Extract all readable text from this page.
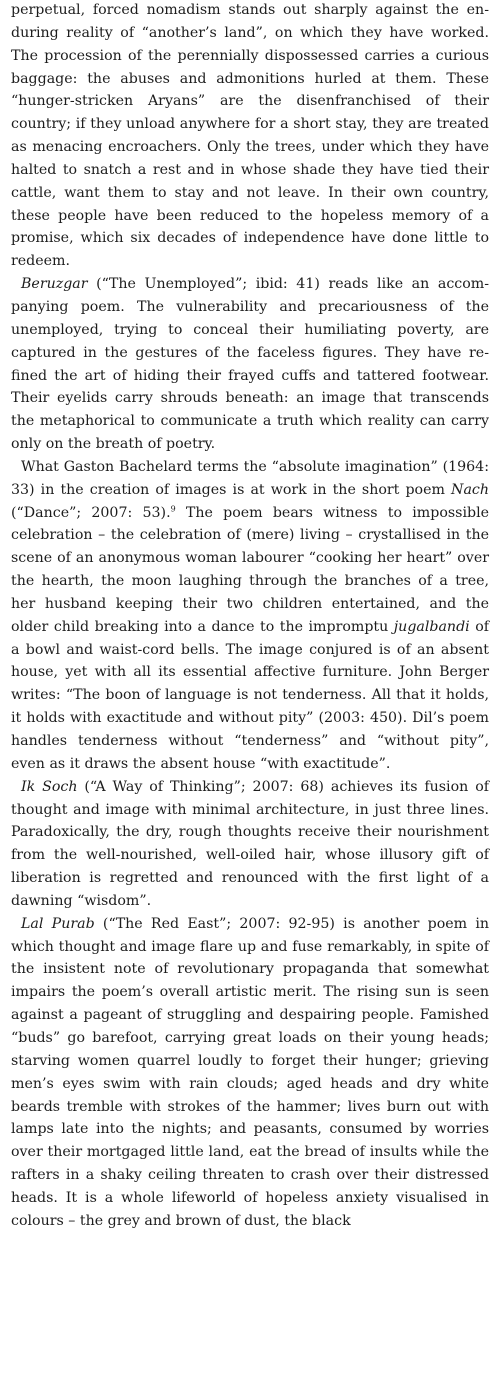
perpetual, forced nomadism stands out sharply against the enduring reality of “another’s land”, on which they have worked. The procession of the perennially dispossessed carries a curious baggage: the abuses and admonitions hurled at them. These “hunger-stricken Aryans” are the disenfranchised of their country; if they unload anywhere for a short stay, they are treated as menacing encroachers. Only the trees, under which they have halted to snatch a rest and in whose shade they have tied their cattle, want them to stay and not leave. In their own country, these people have been reduced to the hopeless memory of a promise, which six decades of independence have done little to redeem.

Beruzgar (“The Unemployed”; ibid: 41) reads like an accompanying poem. The vulnerability and precariousness of the unemployed, trying to conceal their humiliating poverty, are captured in the gestures of the faceless figures. They have refined the art of hiding their frayed cuffs and tattered footwear. Their eyelids carry shrouds beneath: an image that transcends the metaphorical to communicate a truth which reality can carry only on the breath of poetry.

What Gaston Bachelard terms the “absolute imagination” (1964: 33) in the creation of images is at work in the short poem Nach (“Dance”; 2007: 53).$^9$ The poem bears witness to impossible celebration – the celebration of (mere) living – crystallised in the scene of an anonymous woman labourer “cooking her heart” over the hearth, the moon laughing through the branches of a tree, her husband keeping their two children entertained, and the older child breaking into a dance to the impromptu jugalbandi of a bowl and waist-cord bells. The image conjured is of an absent house, yet with all its essential affective furniture. John Berger writes: “The boon of language is not tenderness. All that it holds, it holds with exactitude and without pity” (2003: 450). Dil’s poem handles tenderness without “tenderness” and “without pity”, even as it draws the absent house “with exactitude”.

Ik Soch (“A Way of Thinking”; 2007: 68) achieves its fusion of thought and image with minimal architecture, in just three lines. Paradoxically, the dry, rough thoughts receive their nourishment from the well-nourished, well-oiled hair, whose illusory gift of liberation is regretted and renounced with the first light of a dawning “wisdom”.

Lal Purab (“The Red East”; 2007: 92-95) is another poem in which thought and image flare up and fuse remarkably, in spite of the insistent note of revolutionary propaganda that somewhat impairs the poem’s overall artistic merit. The rising sun is seen against a pageant of struggling and despairing people. Famished “buds” go barefoot, carrying great loads on their young heads; starving women quarrel loudly to forget their hunger; grieving men’s eyes swim with rain clouds; aged heads and dry white beards tremble with strokes of the hammer; lives burn out with lamps late into the nights; and peasants, consumed by worries over their mortgaged little land, eat the bread of insults while the rafters in a shaky ceiling threaten to crash over their distressed heads. It is a whole lifeworld of hopeless anxiety visualised in colours – the grey and brown of dust, the black
